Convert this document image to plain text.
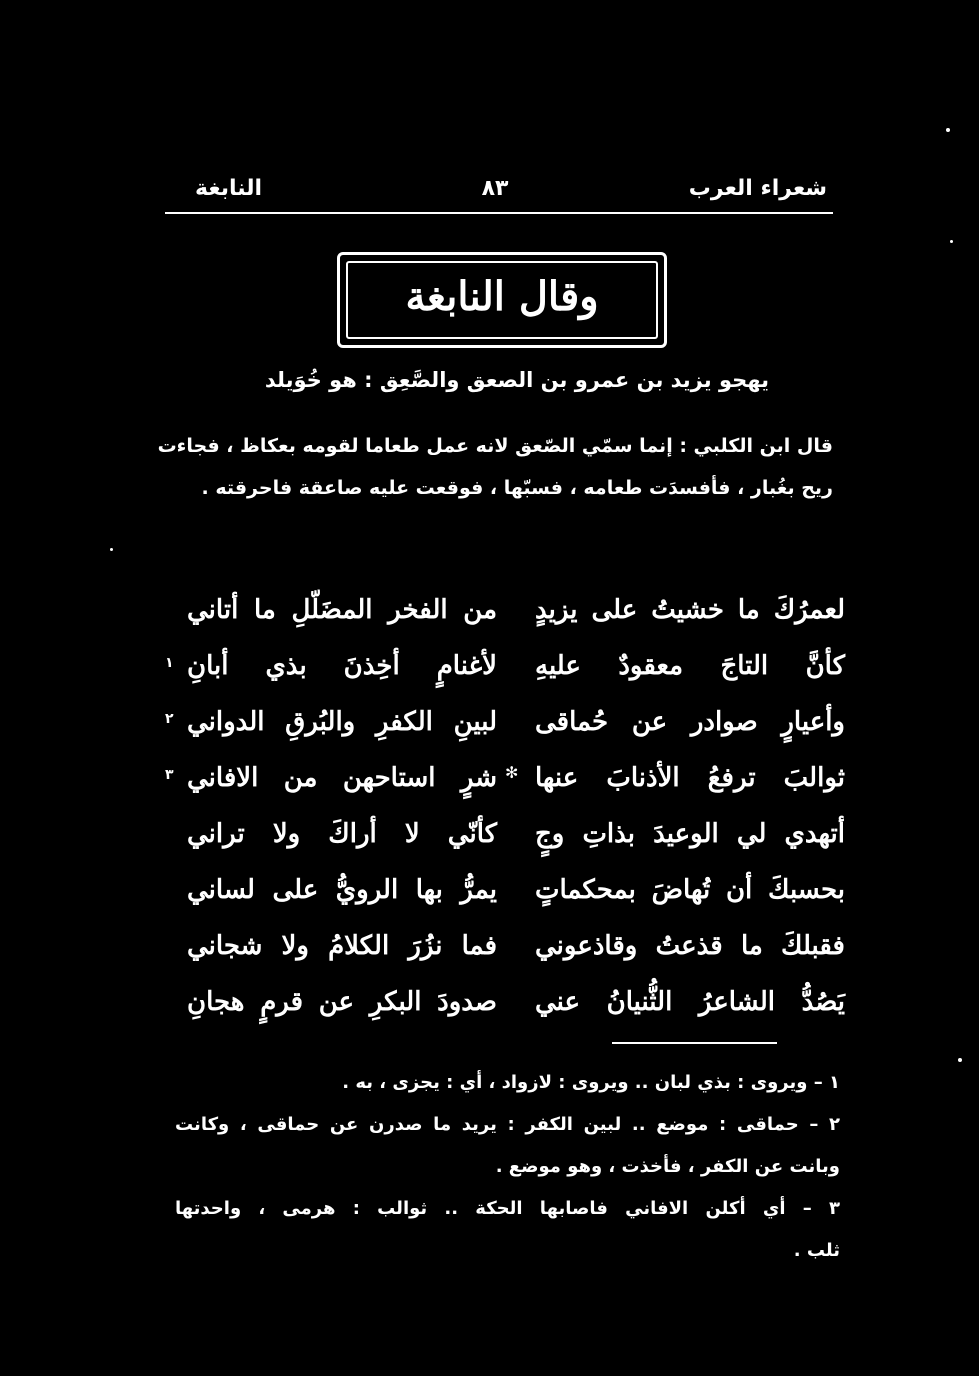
شعراء العرب
٨٣
النابغة
وقال النابغة
يهجو يزيد بن عمرو بن الصعق والصَّعِق : هو خُوَيلد
قال ابن الكلبي : إنما سمّي الصّعق لانه عمل طعاما لقومه بعكاظ ، فجاءت
ريح بغُبار ، فأفسدَت طعامه ، فسبّها ، فوقعت عليه صاعقة فاحرقته .
✻
لعمرُكَ ما خشيتُ على يزيدٍ
من الفخر المضَلّلِ ما أتاني
كأنَّ التاجَ معقودٌ عليهِ
لأغنامٍ أخِذنَ بذي أبانِ
١
وأعيارٍ صوادر عن حُماقى
لبينِ الكفرِ والبُرقِ الدواني
٢
ثوالبَ ترفعُ الأذنابَ عنها
شرٍ استاحهن من الافاني
٣
أتهدي لي الوعيدَ بذاتِ وجٍ
كأنّي لا أراكَ ولا تراني
بحسبكَ أن تُهاضَ بمحكماتٍ
يمرُّ بها الرويُّ على لساني
فقبلكَ ما قذعتُ وقاذعوني
فما نزُرَ الكلامُ ولا شجاني
يَصُدُّ الشاعرُ الثُّنيانُ عني
صدودَ البكرِ عن قرمٍ هجانِ
١ – ويروى : بذي لبان .. ويروى : لازواد ، أي : يجزى ، به .
٢ – حماقى : موضع .. لبين الكفر : يريد ما صدرن عن حماقى ، وكانت
وبانت عن الكفر ، فأخذت ، وهو موضع .
٣ – أي أكلن الافاني فاصابها الحكة .. ثوالب : هرمى ، واحدتها
ثلب .
